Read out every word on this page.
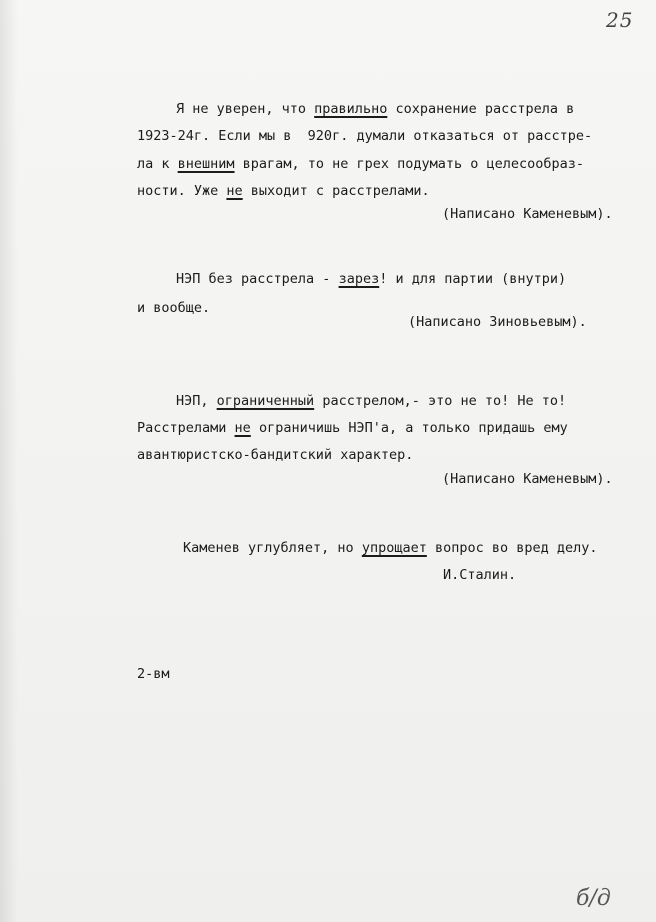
25
Я не уверен, что правильно сохранение расстрела в
1923-24г. Если мы в  920г. думали отказаться от расстре-
ла к внешним врагам, то не грех подумать о целесообраз-
ности. Уже не выходит с расстрелами.
(Написано Каменевым).
НЭП без расстрела - зарез! и для партии (внутри)
и вообще.
(Написано Зиновьевым).
НЭП, ограниченный расстрелом,- это не то! Не то!
Расстрелами не ограничишь НЭП'а, а только придашь ему
авантюристско-бандитский характер.
(Написано Каменевым).
Каменев углубляет, но упрощает вопрос во вред делу.
И.Сталин.
2-вм
б/д
